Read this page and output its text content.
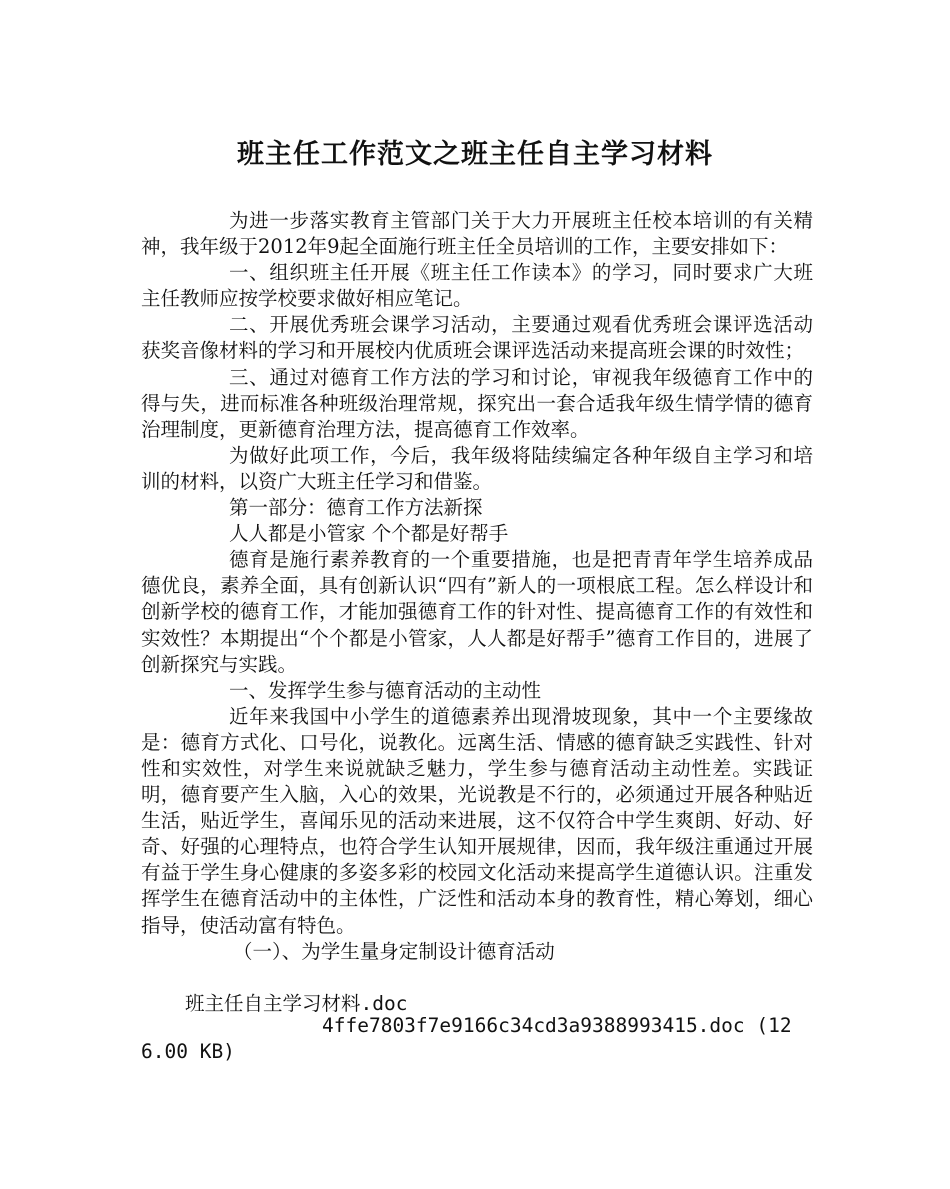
班主任工作范文之班主任自主学习材料

为进一步落实教育主管部门关于大力开展班主任校本培训的有关精神，我年级于2012年9起全面施行班主任全员培训的工作，主要安排如下：

一、组织班主任开展《班主任工作读本》的学习，同时要求广大班主任教师应按学校要求做好相应笔记。

二、开展优秀班会课学习活动，主要通过观看优秀班会课评选活动获奖音像材料的学习和开展校内优质班会课评选活动来提高班会课的时效性；

三、通过对德育工作方法的学习和讨论，审视我年级德育工作中的得与失，进而标准各种班级治理常规，探究出一套合适我年级生情学情的德育治理制度，更新德育治理方法，提高德育工作效率。

为做好此项工作，今后，我年级将陆续编定各种年级自主学习和培训的材料，以资广大班主任学习和借鉴。

第一部分：德育工作方法新探

人人都是小管家 个个都是好帮手

德育是施行素养教育的一个重要措施，也是把青青年学生培养成品德优良，素养全面，具有创新认识“四有”新人的一项根底工程。怎么样设计和创新学校的德育工作，才能加强德育工作的针对性、提高德育工作的有效性和实效性？本期提出“个个都是小管家，人人都是好帮手”德育工作目的，进展了创新探究与实践。

一、发挥学生参与德育活动的主动性

近年来我国中小学生的道德素养出现滑坡现象，其中一个主要缘故是：德育方式化、口号化，说教化。远离生活、情感的德育缺乏实践性、针对性和实效性，对学生来说就缺乏魅力，学生参与德育活动主动性差。实践证明，德育要产生入脑，入心的效果，光说教是不行的，必须通过开展各种贴近生活，贴近学生，喜闻乐见的活动来进展，这不仅符合中学生爽朗、好动、好奇、好强的心理特点，也符合学生认知开展规律，因而，我年级注重通过开展有益于学生身心健康的多姿多彩的校园文化活动来提高学生道德认识。注重发挥学生在德育活动中的主体性，广泛性和活动本身的教育性，精心筹划，细心指导，使活动富有特色。

（一）、为学生量身定制设计德育活动

班主任自主学习材料.doc
4ffe7803f7e9166c34cd3a9388993415.doc (126.00 KB)
